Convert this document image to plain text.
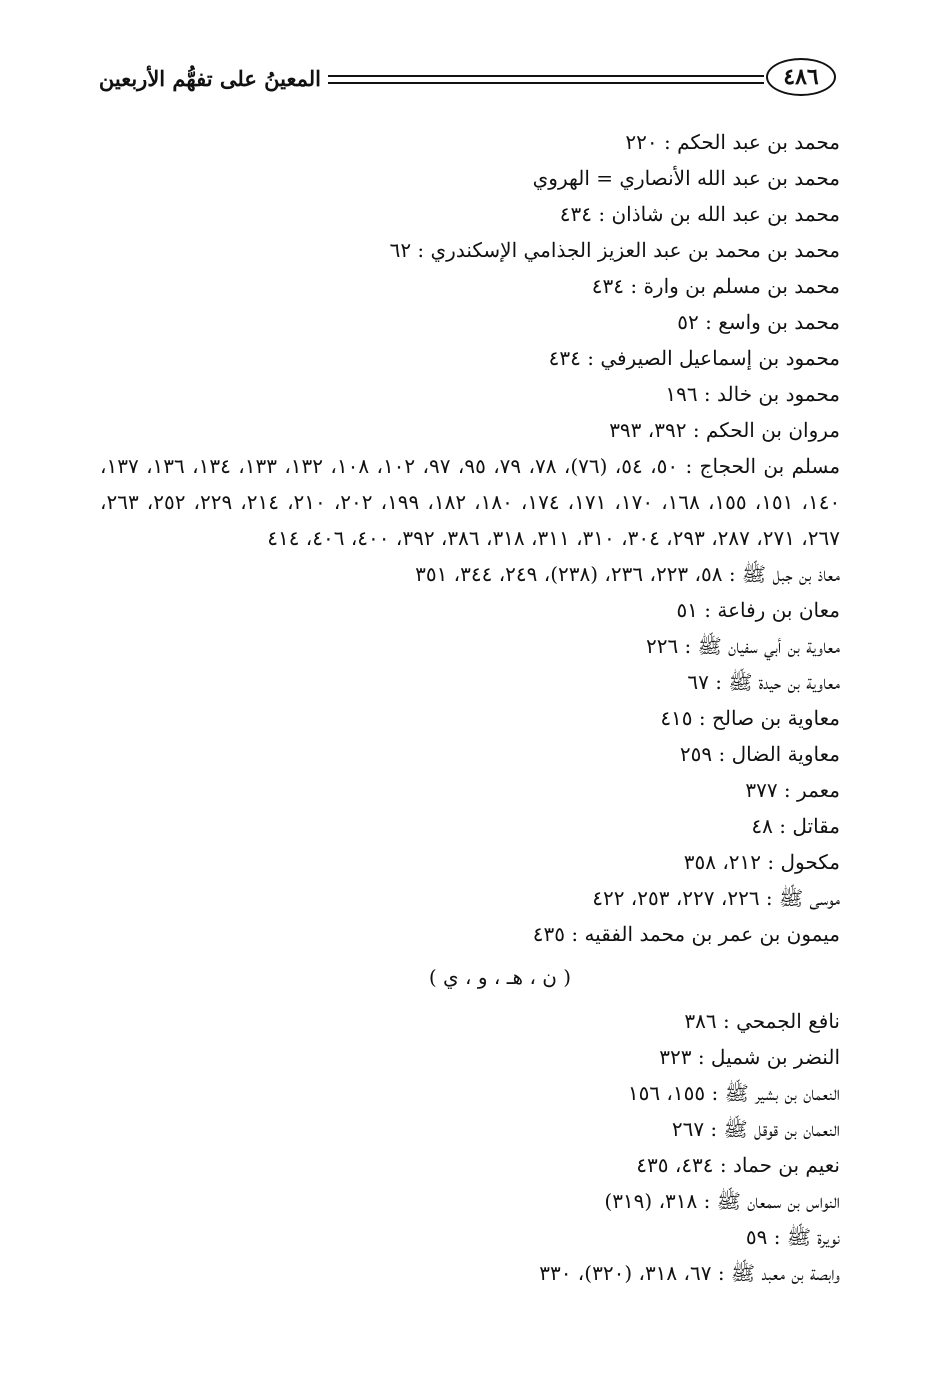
المعينُ على تفهُّم الأربعين	٤٨٦
محمد بن عبد الحكم : ٢٢٠
محمد بن عبد الله الأنصاري = الهروي
محمد بن عبد الله بن شاذان : ٤٣٤
محمد بن محمد بن عبد العزيز الجذامي الإسكندري : ٦٢
محمد بن مسلم بن وارة : ٤٣٤
محمد بن واسع : ٥٢
محمود بن إسماعيل الصيرفي : ٤٣٤
محمود بن خالد : ١٩٦
مروان بن الحكم : ٣٩٢، ٣٩٣
مسلم بن الحجاج : ٥٠، ٥٤، (٧٦)، ٧٨، ٧٩، ٩٥، ٩٧، ١٠٢، ١٠٨، ١٣٢، ١٣٣، ١٣٤، ١٣٦، ١٣٧، ١٤٠، ١٥١، ١٥٥، ١٦٨، ١٧٠، ١٧١، ١٧٤، ١٨٠، ١٨٢، ١٩٩، ٢٠٢، ٢١٠، ٢١٤، ٢٢٩، ٢٥٢، ٢٦٣، ٢٦٧، ٢٧١، ٢٨٧، ٢٩٣، ٣٠٤، ٣١٠، ٣١١، ٣١٨، ٣٨٦، ٣٩٢، ٤٠٠، ٤٠٦، ٤١٤
معاذ بن جبل ﷺ : ٥٨، ٢٢٣، ٢٣٦، (٢٣٨)، ٢٤٩، ٣٤٤، ٣٥١
معان بن رفاعة : ٥١
معاوية بن أبي سفيان ﷺ : ٢٢٦
معاوية بن حيدة ﷺ : ٦٧
معاوية بن صالح : ٤١٥
معاوية الضال : ٢٥٩
معمر : ٣٧٧
مقاتل : ٤٨
مكحول : ٢١٢، ٣٥٨
موسى ﷺ : ٢٢٦، ٢٢٧، ٢٥٣، ٤٢٢
ميمون بن عمر بن محمد الفقيه : ٤٣٥
( ن ، هـ ، و ، ي )
نافع الجمحي : ٣٨٦
النضر بن شميل : ٣٢٣
النعمان بن بشير ﷺ : ١٥٥، ١٥٦
النعمان بن قوقل ﷺ : ٢٦٧
نعيم بن حماد : ٤٣٤، ٤٣٥
النواس بن سمعان ﷺ : ٣١٨، (٣١٩)
نويرة ﷺ : ٥٩
وابصة بن معبد ﷺ : ٦٧، ٣١٨، (٣٢٠)، ٣٣٠
